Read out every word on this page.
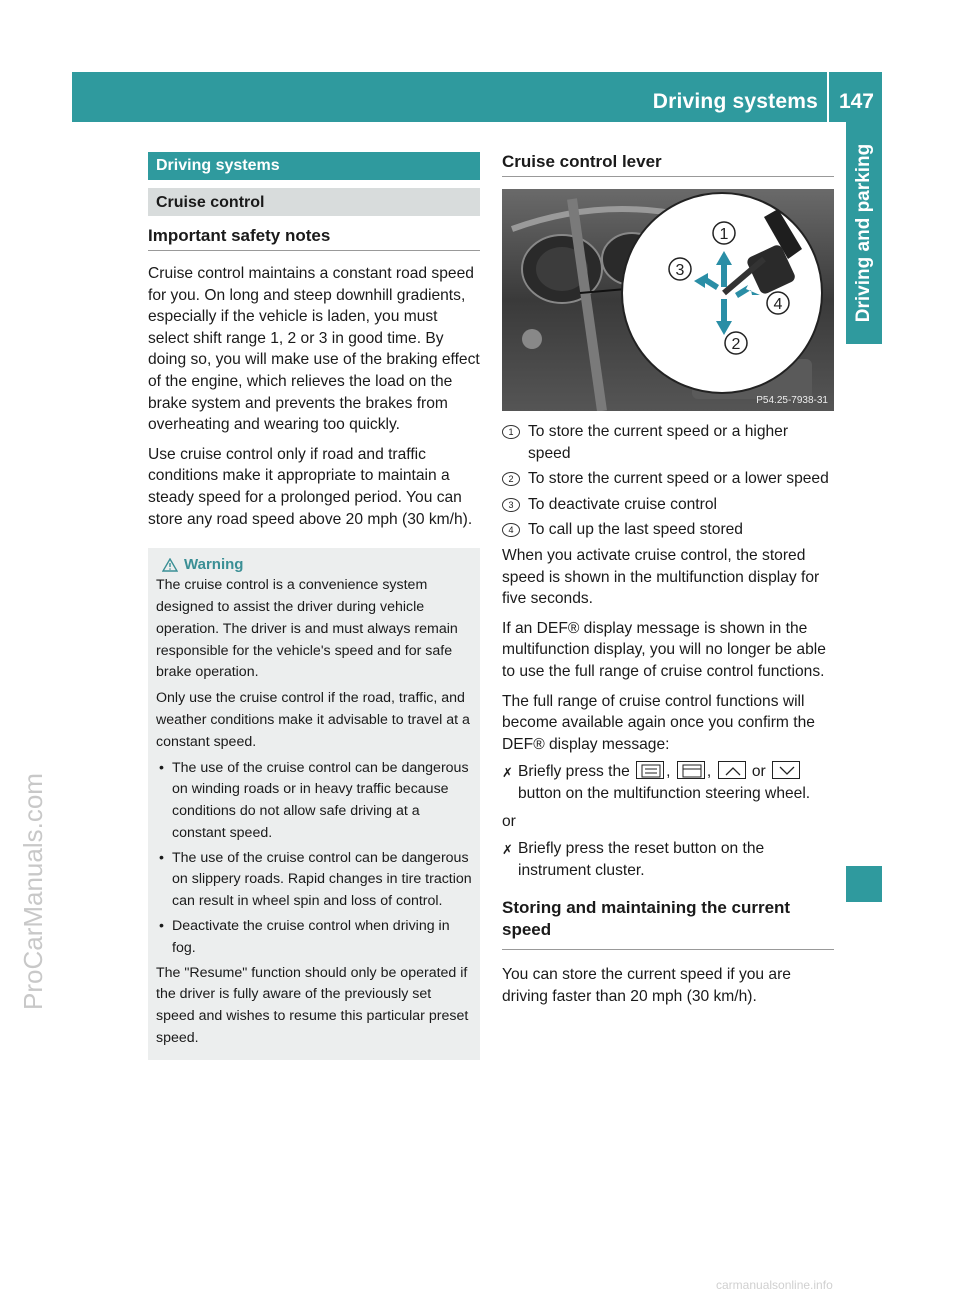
Driving systems 147
Driving and parking
ProCarManuals.com
carmanualsonline.info
Driving systems
Cruise control
Important safety notes

Cruise control maintains a constant road speed for you. On long and steep downhill gradients, especially if the vehicle is laden, you must select shift range 1, 2 or 3 in good time. By doing so, you will make use of the braking effect of the engine, which relieves the load on the brake system and prevents the brakes from overheating and wearing too quickly.

Use cruise control only if road and traffic conditions make it appropriate to maintain a steady speed for a prolonged period. You can store any road speed above 20 mph (30 km/h).

Warning

The cruise control is a convenience system designed to assist the driver during vehicle operation. The driver is and must always remain responsible for the vehicle's speed and for safe brake operation.

Only use the cruise control if the road, traffic, and weather conditions make it advisable to travel at a constant speed.

• The use of the cruise control can be dangerous on winding roads or in heavy traffic because conditions do not allow safe driving at a constant speed.
• The use of the cruise control can be dangerous on slippery roads. Rapid changes in tire traction can result in wheel spin and loss of control.
• Deactivate the cruise control when driving in fog.

The "Resume" function should only be operated if the driver is fully aware of the previously set speed and wishes to resume this particular preset speed.

Cruise control lever
1
2
3
4
P54.25-7938-31
1 To store the current speed or a higher speed
2 To store the current speed or a lower speed
3 To deactivate cruise control
4 To call up the last speed stored

When you activate cruise control, the stored speed is shown in the multifunction display for five seconds.

If an DEF® display message is shown in the multifunction display, you will no longer be able to use the full range of cruise control functions.

The full range of cruise control functions will become available again once you confirm the DEF® display message:

✗ Briefly press the ,
,
or
button on the multifunction steering wheel.

or

✗ Briefly press the reset button on the instrument cluster.
Storing and maintaining the current speed

You can store the current speed if you are driving faster than 20 mph (30 km/h).
